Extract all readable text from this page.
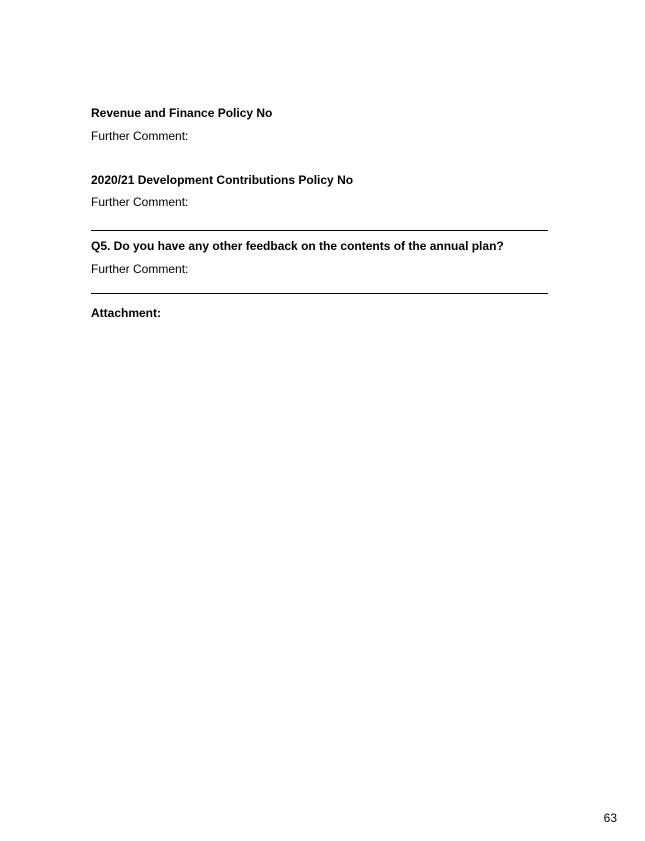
Revenue and Finance Policy No
Further Comment:
2020/21 Development Contributions Policy No
Further Comment:
Q5. Do you have any other feedback on the contents of the annual plan?
Further Comment:
Attachment:
63
